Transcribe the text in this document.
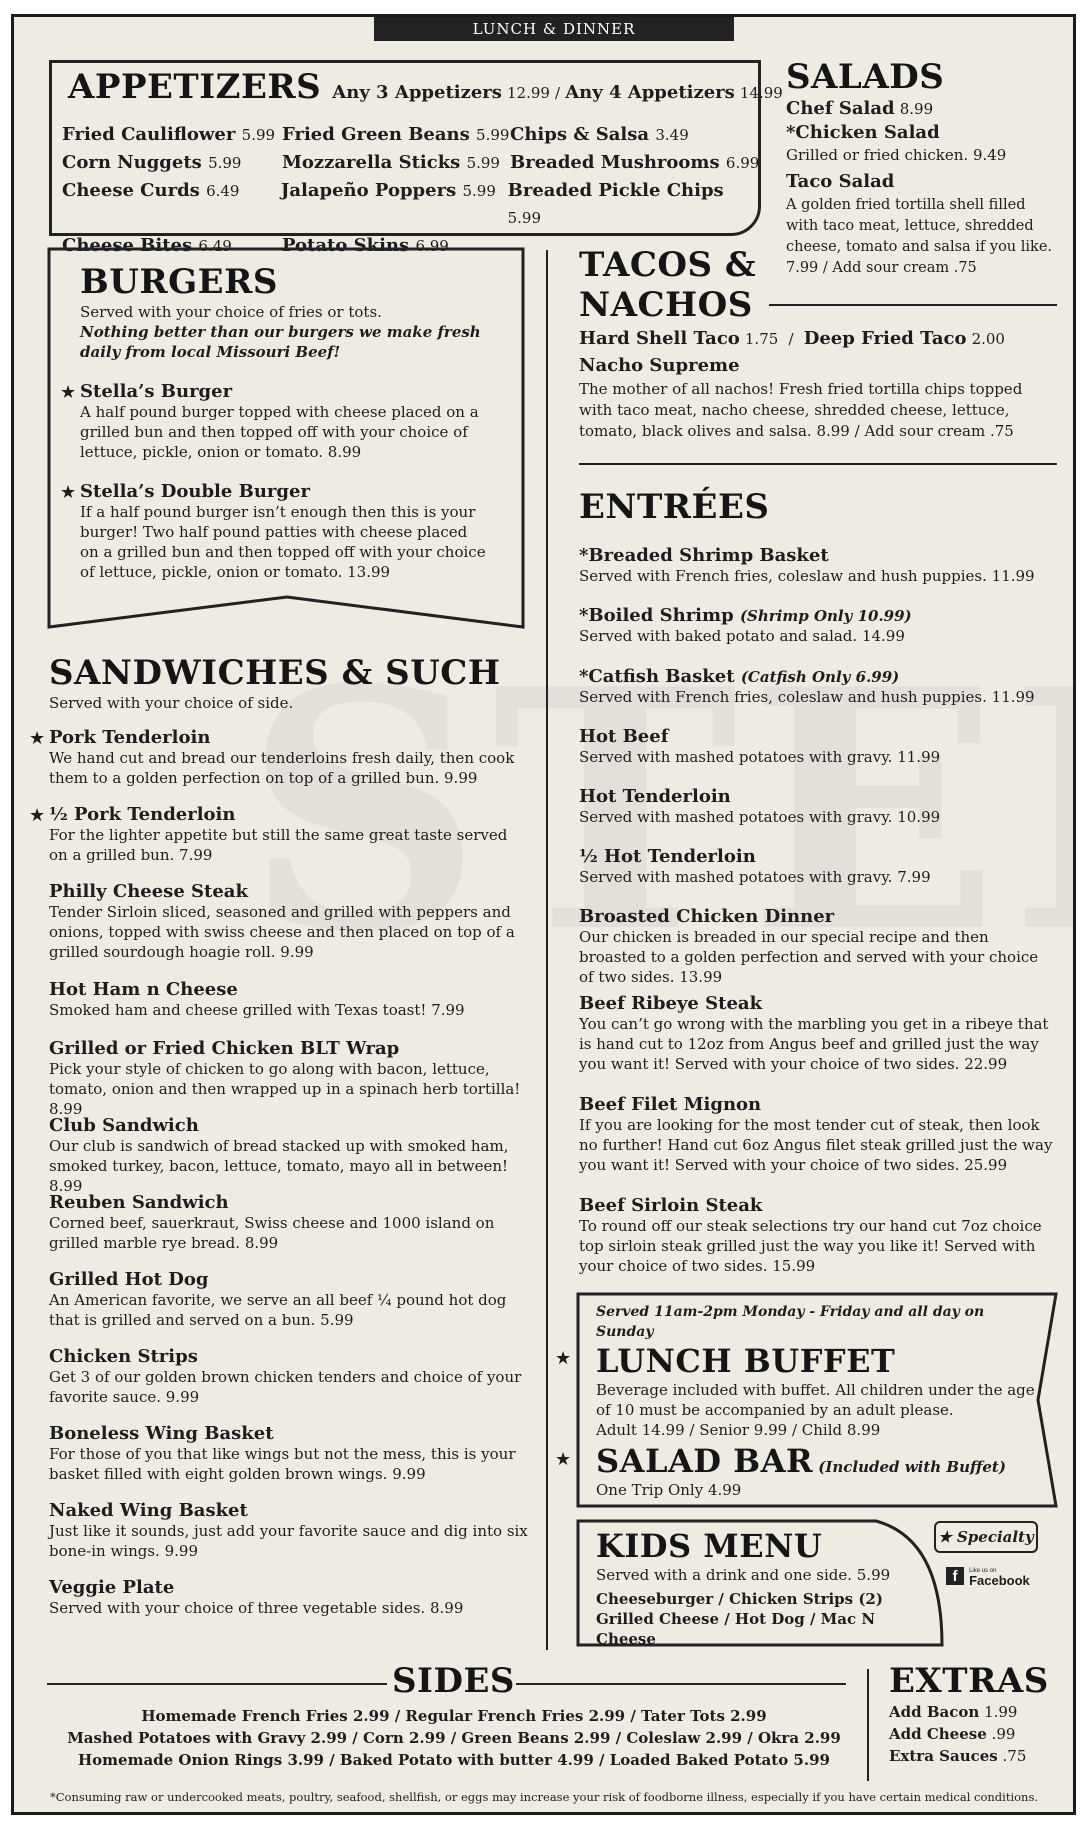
LUNCH & DINNER
APPETIZERS Any 3 Appetizers 12.99 / Any 4 Appetizers 14.99
Fried Cauliflower 5.99 Fried Green Beans 5.99 Chips & Salsa 3.49
Corn Nuggets 5.99	Mozzarella Sticks 5.99 Breaded Mushrooms 6.99
Cheese Curds 6.49	Jalapeño Poppers 5.99 Breaded Pickle Chips 5.99
Cheese Bites 6.49	Potato Skins 6.99
SALADS
Chef Salad 8.99
*Chicken Salad
Grilled or fried chicken. 9.49
Taco Salad
A golden fried tortilla shell filled with taco meat, lettuce, shredded cheese, tomato and salsa if you like. 7.99 / Add sour cream .75
BURGERS
Served with your choice of fries or tots.
Nothing better than our burgers we make fresh daily from local Missouri Beef!
★ Stella’s Burger
A half pound burger topped with cheese placed on a grilled bun and then topped off with your choice of lettuce, pickle, onion or tomato. 8.99
★ Stella’s Double Burger
If a half pound burger isn’t enough then this is your burger! Two half pound patties with cheese placed on a grilled bun and then topped off with your choice of lettuce, pickle, onion or tomato. 13.99
TACOS &
NACHOS
Hard Shell Taco 1.75 / Deep Fried Taco 2.00
Nacho Supreme
The mother of all nachos! Fresh fried tortilla chips topped with taco meat, nacho cheese, shredded cheese, lettuce, tomato, black olives and salsa. 8.99 / Add sour cream .75
SANDWICHES & SUCH
Served with your choice of side.
★ Pork Tenderloin
We hand cut and bread our tenderloins fresh daily, then cook them to a golden perfection on top of a grilled bun. 9.99
★ ½ Pork Tenderloin
For the lighter appetite but still the same great taste served on a grilled bun. 7.99
Philly Cheese Steak
Tender Sirloin sliced, seasoned and grilled with peppers and onions, topped with swiss cheese and then placed on top of a grilled sourdough hoagie roll. 9.99
Hot Ham n Cheese
Smoked ham and cheese grilled with Texas toast! 7.99
Grilled or Fried Chicken BLT Wrap
Pick your style of chicken to go along with bacon, lettuce, tomato, onion and then wrapped up in a spinach herb tortilla! 8.99
Club Sandwich
Our club is sandwich of bread stacked up with smoked ham, smoked turkey, bacon, lettuce, tomato, mayo all in between! 8.99
Reuben Sandwich
Corned beef, sauerkraut, Swiss cheese and 1000 island on grilled marble rye bread. 8.99
Grilled Hot Dog
An American favorite, we serve an all beef ¼ pound hot dog that is grilled and served on a bun. 5.99
Chicken Strips
Get 3 of our golden brown chicken tenders and choice of your favorite sauce. 9.99
Boneless Wing Basket
For those of you that like wings but not the mess, this is your basket filled with eight golden brown wings. 9.99
Naked Wing Basket
Just like it sounds, just add your favorite sauce and dig into six bone-in wings. 9.99
Veggie Plate
Served with your choice of three vegetable sides. 8.99
ENTRÉES
*Breaded Shrimp Basket
Served with French fries, coleslaw and hush puppies. 11.99
*Boiled Shrimp (Shrimp Only 10.99)
Served with baked potato and salad. 14.99
*Catfish Basket (Catfish Only 6.99)
Served with French fries, coleslaw and hush puppies. 11.99
Hot Beef
Served with mashed potatoes with gravy. 11.99
Hot Tenderloin
Served with mashed potatoes with gravy. 10.99
½ Hot Tenderloin
Served with mashed potatoes with gravy. 7.99
Broasted Chicken Dinner
Our chicken is breaded in our special recipe and then broasted to a golden perfection and served with your choice of two sides. 13.99
Beef Ribeye Steak
You can’t go wrong with the marbling you get in a ribeye that is hand cut to 12oz from Angus beef and grilled just the way you want it! Served with your choice of two sides. 22.99
Beef Filet Mignon
If you are looking for the most tender cut of steak, then look no further! Hand cut 6oz Angus filet steak grilled just the way you want it! Served with your choice of two sides. 25.99
Beef Sirloin Steak
To round off our steak selections try our hand cut 7oz choice top sirloin steak grilled just the way you like it! Served with your choice of two sides. 15.99
Served 11am-2pm Monday - Friday and all day on Sunday
LUNCH BUFFET
Beverage included with buffet. All children under the age of 10 must be accompanied by an adult please.
Adult 14.99 / Senior 9.99 / Child 8.99
SALAD BAR (Included with Buffet)
One Trip Only 4.99
★
★
KIDS MENU
Served with a drink and one side. 5.99
Cheeseburger / Chicken Strips (2)
Grilled Cheese / Hot Dog / Mac N Cheese
★ Specialty
f Like us on
Facebook
SIDES
Homemade French Fries 2.99 / Regular French Fries 2.99 / Tater Tots 2.99
Mashed Potatoes with Gravy 2.99 / Corn 2.99 / Green Beans 2.99 / Coleslaw 2.99 / Okra 2.99
Homemade Onion Rings 3.99 / Baked Potato with butter 4.99 / Loaded Baked Potato 5.99
EXTRAS
Add Bacon 1.99
Add Cheese .99
Extra Sauces .75
*Consuming raw or undercooked meats, poultry, seafood, shellfish, or eggs may increase your risk of foodborne illness, especially if you have certain medical conditions.
